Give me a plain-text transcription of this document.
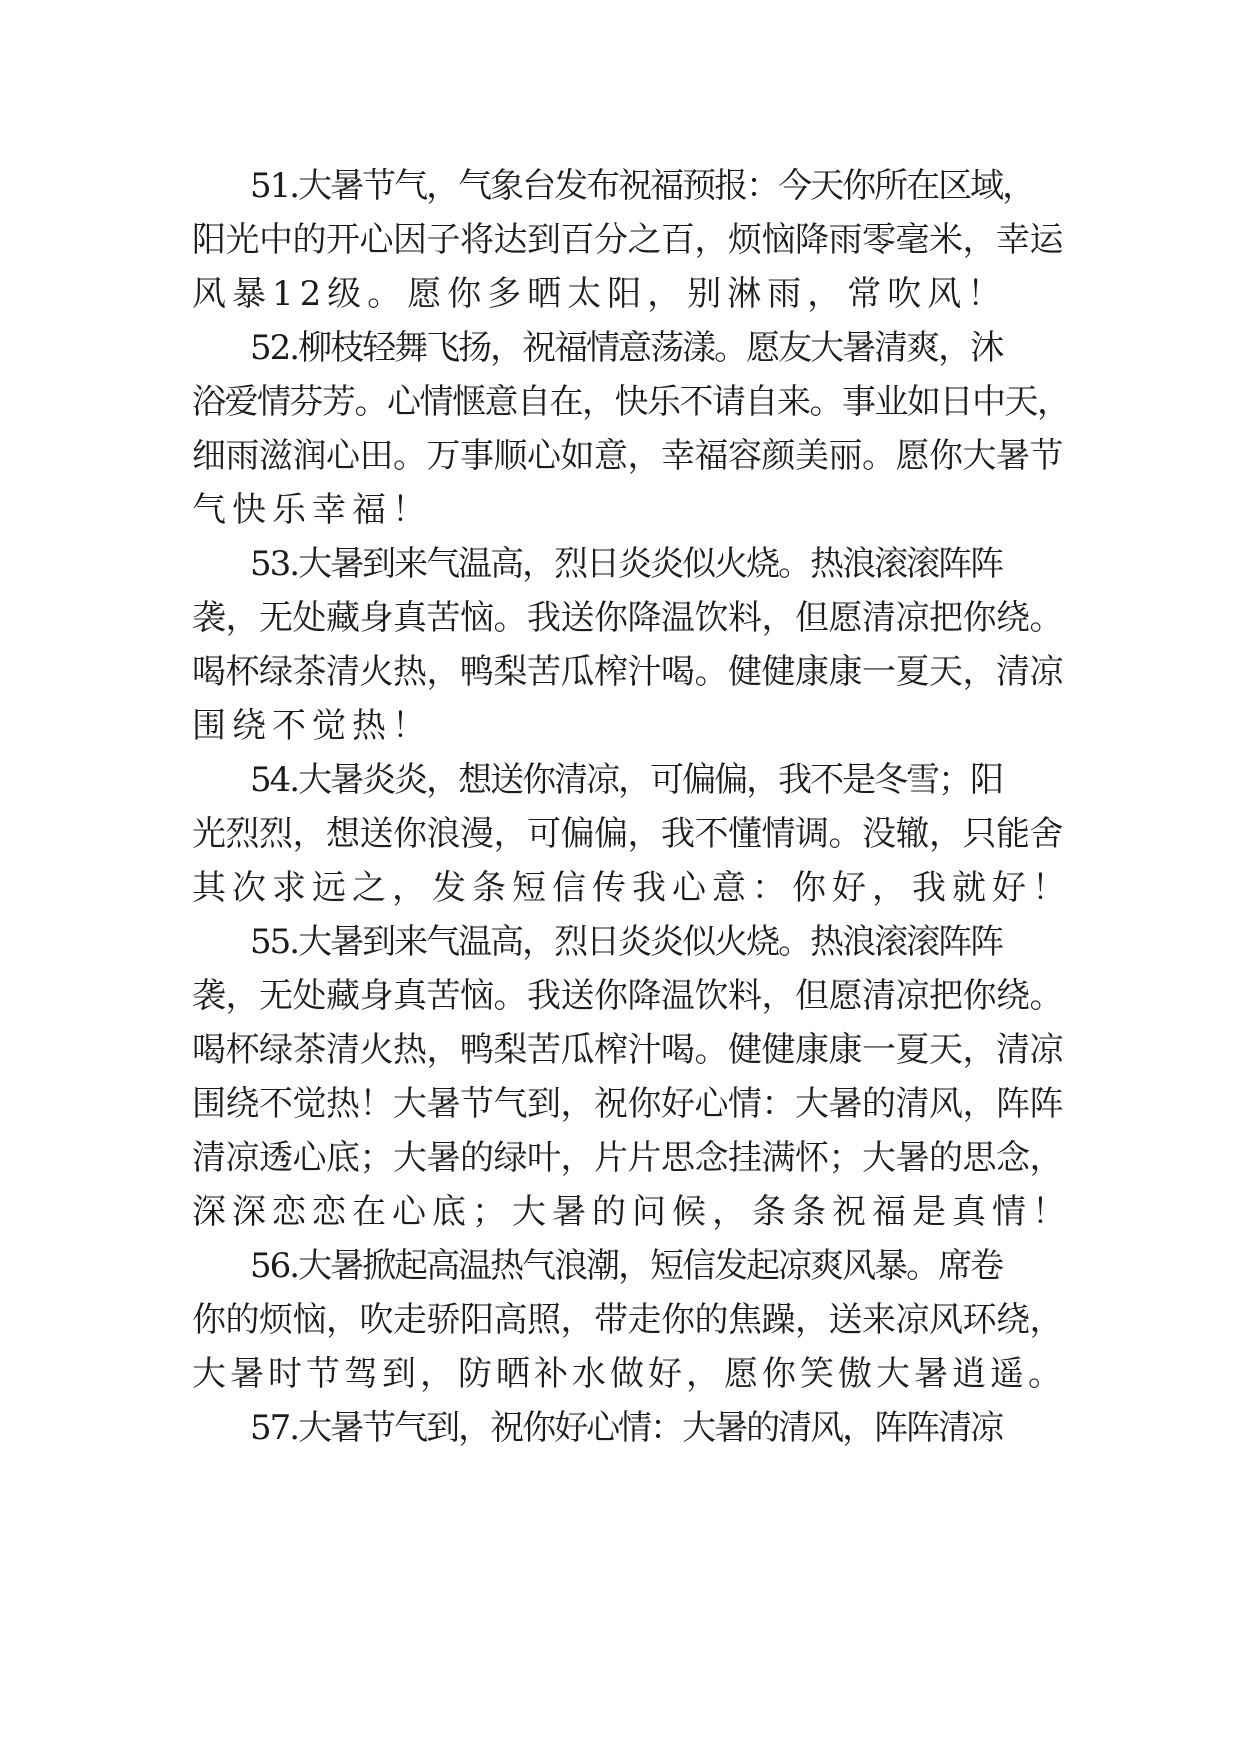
51.大暑节气，气象台发布祝福预报：今天你所在区域，
阳光中的开心因子将达到百分之百，烦恼降雨零毫米，幸运
风暴12级。愿你多晒太阳，别淋雨，常吹风！
52.柳枝轻舞飞扬，祝福情意荡漾。愿友大暑清爽，沐
浴爱情芬芳。心情惬意自在，快乐不请自来。事业如日中天，
细雨滋润心田。万事顺心如意，幸福容颜美丽。愿你大暑节
气快乐幸福！
53.大暑到来气温高，烈日炎炎似火烧。热浪滚滚阵阵
袭，无处藏身真苦恼。我送你降温饮料，但愿清凉把你绕。
喝杯绿茶清火热，鸭梨苦瓜榨汁喝。健健康康一夏天，清凉
围绕不觉热！
54.大暑炎炎，想送你清凉，可偏偏，我不是冬雪；阳
光烈烈，想送你浪漫，可偏偏，我不懂情调。没辙，只能舍
其次求远之，发条短信传我心意：你好，我就好！
55.大暑到来气温高，烈日炎炎似火烧。热浪滚滚阵阵
袭，无处藏身真苦恼。我送你降温饮料，但愿清凉把你绕。
喝杯绿茶清火热，鸭梨苦瓜榨汁喝。健健康康一夏天，清凉
围绕不觉热！大暑节气到，祝你好心情：大暑的清风，阵阵
清凉透心底；大暑的绿叶，片片思念挂满怀；大暑的思念，
深深恋恋在心底；大暑的问候，条条祝福是真情！
56.大暑掀起高温热气浪潮，短信发起凉爽风暴。席卷
你的烦恼，吹走骄阳高照，带走你的焦躁，送来凉风环绕，
大暑时节驾到，防晒补水做好，愿你笑傲大暑逍遥。
57.大暑节气到，祝你好心情：大暑的清风，阵阵清凉
